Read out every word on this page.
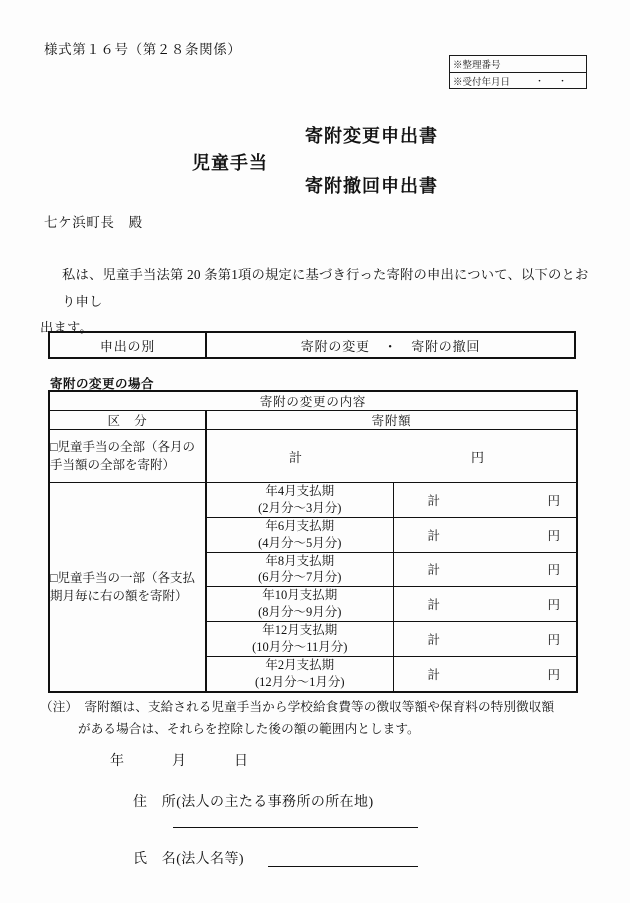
様式第１６号（第２８条関係）
※整理番号
※受付年月日	・ ・
児童手当
寄附変更申出書
寄附撤回申出書
七ケ浜町長　殿
私は、児童手当法第 20 条第1項の規定に基づき行った寄附の申出について、以下のとおり申し
出ます。
申出の別	寄附の変更　・　寄附の撤回
寄附の変更の場合
寄附の変更の内容		
区　分	寄附額	
□児童手当の全部（各月の手当額の全部を寄附）	計 円	

□児童手当の一部（各支払期月毎に右の額を寄附）	
年4月支払期
(2月分～3月分)	計	円

年6月支払期
(4月分～5月分)	計	円

年8月支払期
(6月分～7月分)	計	円

年10月支払期
(8月分～9月分)	計	円

年12月支払期
(10月分～11月分)	計	円

年2月支払期
(12月分～1月分)	計	円
（注）　寄附額は、支給される児童手当から学校給食費等の徴収等額や保育料の特別徴収額
がある場合は、それらを控除した後の額の範囲内とします。
年	月	日
住　所(法人の主たる事務所の所在地)
氏　名(法人名等)
